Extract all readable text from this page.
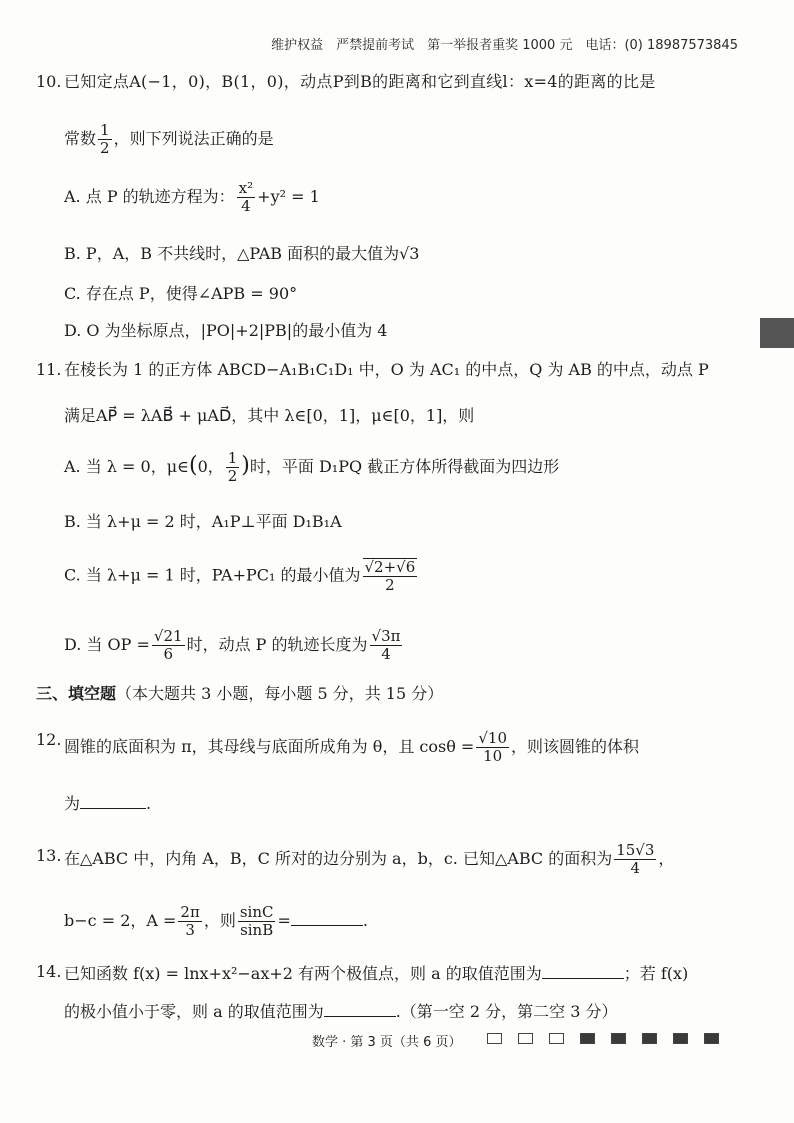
维护权益　严禁提前考试　第一举报者重奖 1000 元　电话：(0) 18987573845
10. 已知定点A(−1，0)，B(1，0)，动点P到B的距离和它到直线l：x=4的距离的比是
常数 $\frac{1}{2}$ ，则下列说法正确的是
A. 点 P 的轨迹方程为： $\frac{\text{x²}}{4} +y^2 = 1$
B. P，A，B 不共线时，△PAB 面积的最大值为√3
C. 存在点 P，使得∠APB = 90°
D. O 为坐标原点，|PO|+2|PB|的最小值为 4
11. 在棱长为 1 的正方体 ABCD−A₁B₁C₁D₁ 中，O 为 AC₁ 的中点，Q 为 AB 的中点，动点 P
满足AP⃗ = λAB⃗ + μAD⃗，其中 λ∈[0，1]，μ∈[0，1]，则
A. 当 λ = 0，μ∈(0， $\frac{1}{2}$ )时，平面 D₁PQ 截正方体所得截面为四边形
B. 当 λ+μ = 2 时，A₁P⊥平面 D₁B₁A
C. 当 λ+μ = 1 时，PA+PC₁ 的最小值为 $\frac{√2+√6}{2}$
D. 当 OP = $\frac{√21}{6}$ 时，动点 P 的轨迹长度为 $\frac{√3\pi}{4}$
三、填空题（本大题共 3 小题，每小题 5 分，共 15 分）
12. 圆锥的底面积为 π，其母线与底面所成角为 θ，且 $\cos\theta = \frac{√10}{10}$ ，则该圆锥的体积
为	.
13. 在△ABC 中，内角 A，B，C 所对的边分别为 a，b，c. 已知△ABC 的面积为 $\frac{15√3}{4}$ ，
b−c = 2，$A = \frac{2\pi}{3}$ ，则 $\frac{\sin C}{\sin B}$ =	.
14. 已知函数 f(x) = lnx+x²−ax+2 有两个极值点，则 a 的取值范围为	；若 f(x)
的极小值小于零，则 a 的取值范围为	.（第一空 2 分，第二空 3 分）
数学 · 第 3 页（共 6 页）
